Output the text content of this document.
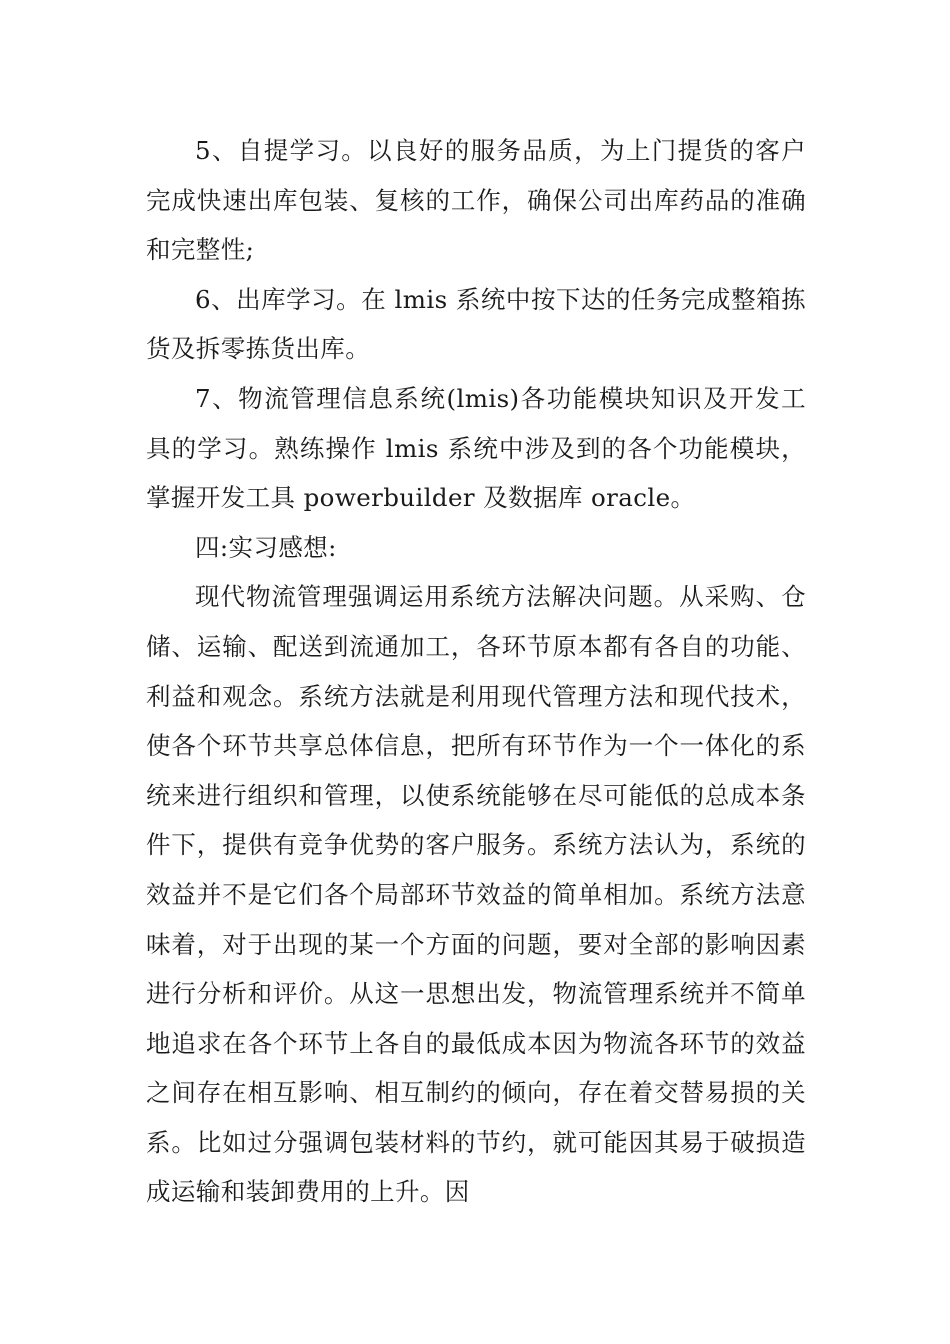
5、自提学习。以良好的服务品质，为上门提货的客户完成快速出库包装、复核的工作，确保公司出库药品的准确和完整性;

6、出库学习。在 lmis 系统中按下达的任务完成整箱拣货及拆零拣货出库。

7、物流管理信息系统(lmis)各功能模块知识及开发工具的学习。熟练操作 lmis 系统中涉及到的各个功能模块，掌握开发工具 powerbuilder 及数据库 oracle。

四:实习感想:

现代物流管理强调运用系统方法解决问题。从采购、仓储、运输、配送到流通加工，各环节原本都有各自的功能、利益和观念。系统方法就是利用现代管理方法和现代技术，使各个环节共享总体信息，把所有环节作为一个一体化的系统来进行组织和管理，以使系统能够在尽可能低的总成本条件下，提供有竞争优势的客户服务。系统方法认为，系统的效益并不是它们各个局部环节效益的简单相加。系统方法意味着，对于出现的某一个方面的问题，要对全部的影响因素进行分析和评价。从这一思想出发，物流管理系统并不简单地追求在各个环节上各自的最低成本因为物流各环节的效益之间存在相互影响、相互制约的倾向，存在着交替易损的关系。比如过分强调包装材料的节约，就可能因其易于破损造成运输和装卸费用的上升。因
